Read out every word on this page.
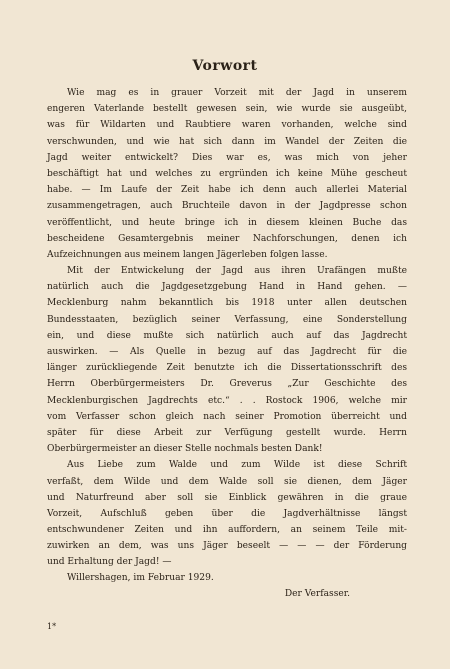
Vorwort
Wie mag es in grauer Vorzeit mit der Jagd in unserem
engeren Vaterlande bestellt gewesen sein, wie wurde sie ausgeübt,
was für Wildarten und Raubtiere waren vorhanden, welche sind
verschwunden, und wie hat sich dann im Wandel der Zeiten die
Jagd weiter entwickelt? Dies war es, was mich von jeher
beschäftigt hat und welches zu ergründen ich keine Mühe gescheut
habe. — Im Laufe der Zeit habe ich denn auch allerlei Material
zusammengetragen, auch Bruchteile davon in der Jagdpresse schon
veröffentlicht, und heute bringe ich in diesem kleinen Buche das
bescheidene Gesamtergebnis meiner Nachforschungen, denen ich
Aufzeichnungen aus meinem langen Jägerleben folgen lasse.
Mit der Entwickelung der Jagd aus ihren Urafängen mußte
natürlich auch die Jagdgesetzgebung Hand in Hand gehen. —
Mecklenburg nahm bekanntlich bis 1918 unter allen deutschen
Bundesstaaten, bezüglich seiner Verfassung, eine Sonderstellung
ein, und diese mußte sich natürlich auch auf das Jagdrecht
auswirken. — Als Quelle in bezug auf das Jagdrecht für die
länger zurückliegende Zeit benutzte ich die Dissertationsschrift des
Herrn Oberbürgermeisters Dr. Greverus „Zur Geschichte des
Mecklenburgischen Jagdrechts etc.“ . . Rostock 1906, welche mir
vom Verfasser schon gleich nach seiner Promotion überreicht und
später für diese Arbeit zur Verfügung gestellt wurde. Herrn
Oberbürgermeister an dieser Stelle nochmals besten Dank!
Aus Liebe zum Walde und zum Wilde ist diese Schrift
verfaßt, dem Wilde und dem Walde soll sie dienen, dem Jäger
und Naturfreund aber soll sie Einblick gewähren in die graue
Vorzeit, Aufschluß geben über die Jagdverhältnisse längst
entschwundener Zeiten und ihn auffordern, an seinem Teile mit-
zuwirken an dem, was uns Jäger beseelt — — — der Förderung
und Erhaltung der Jagd! —
Willershagen, im Februar 1929.
Der Verfasser.
1*
